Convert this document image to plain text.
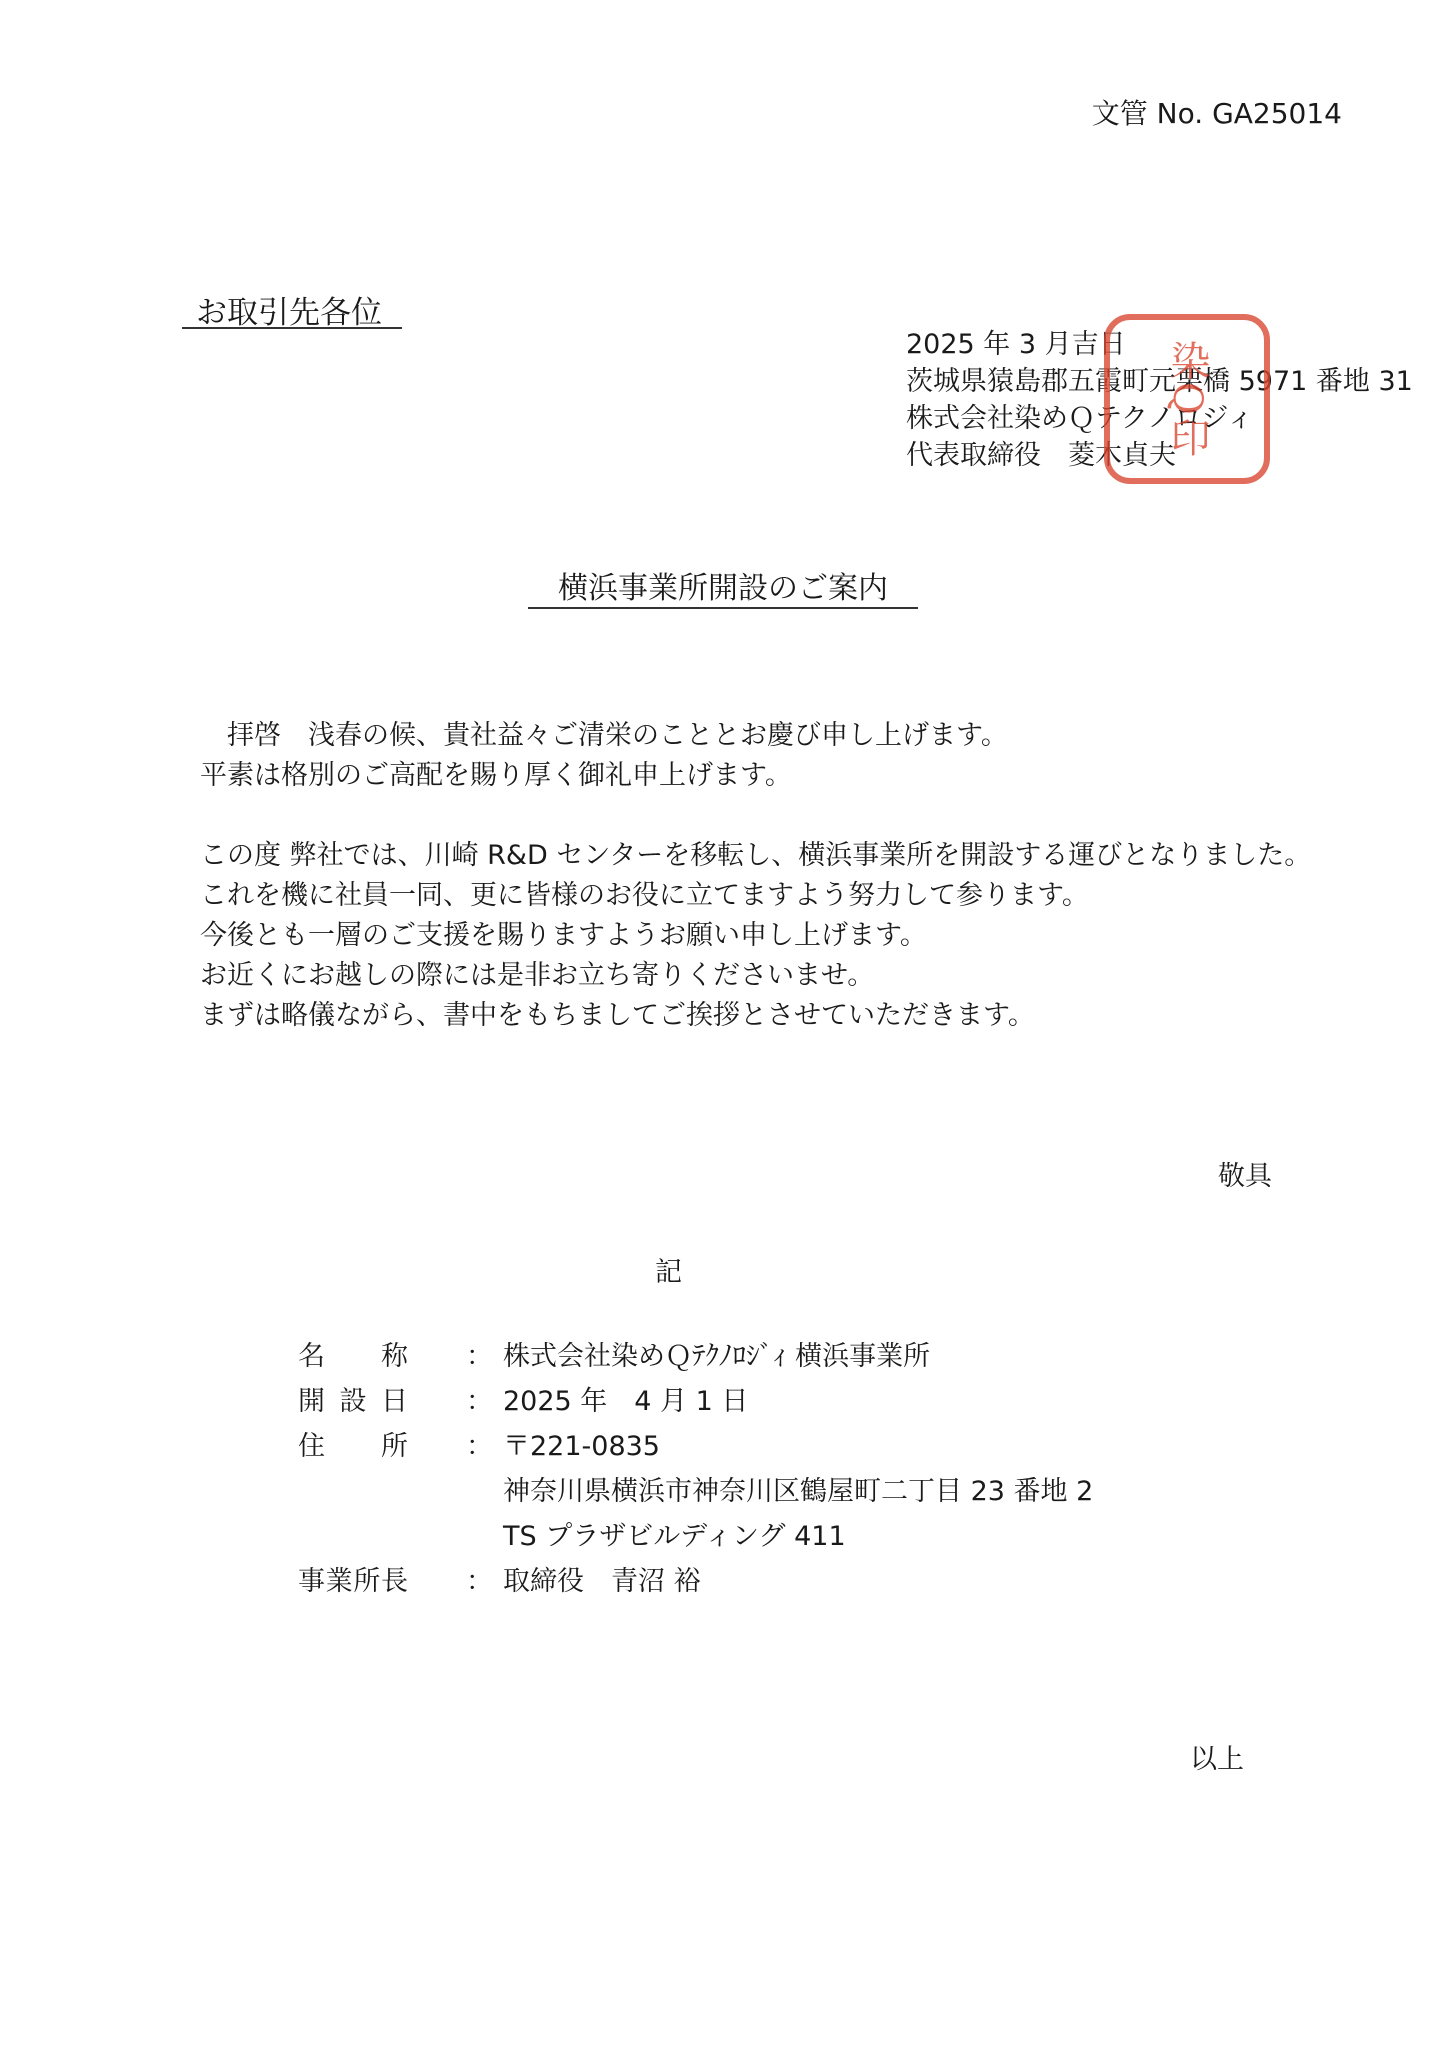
文管 No. GA25014
お取引先各位
2025 年 3 月吉日
茨城県猿島郡五霞町元栗橋 5971 番地 31
株式会社染めＱテクノロジィ
代表取締役　菱木貞夫
染Q印
横浜事業所開設のご案内
　拝啓　浅春の候、貴社益々ご清栄のこととお慶び申し上げます。
平素は格別のご高配を賜り厚く御礼申上げます。
この度 弊社では、川崎 R&D センターを移転し、横浜事業所を開設する運びとなりました。
これを機に社員一同、更に皆様のお役に立てますよう努力して参ります。
今後とも一層のご支援を賜りますようお願い申し上げます。
お近くにお越しの際には是非お立ち寄りくださいませ。
まずは略儀ながら、書中をもちましてご挨拶とさせていただきます。
敬具
記
名 称 ： 株式会社染めＱﾃｸﾉﾛｼﾞｨ 横浜事業所
開 設 日 ： 2025 年　4 月 1 日
住 所 ： 〒221-0835
神奈川県横浜市神奈川区鶴屋町二丁目 23 番地 2
TS プラザビルディング 411
事 業 所 長 ： 取締役　青沼 裕
以上
